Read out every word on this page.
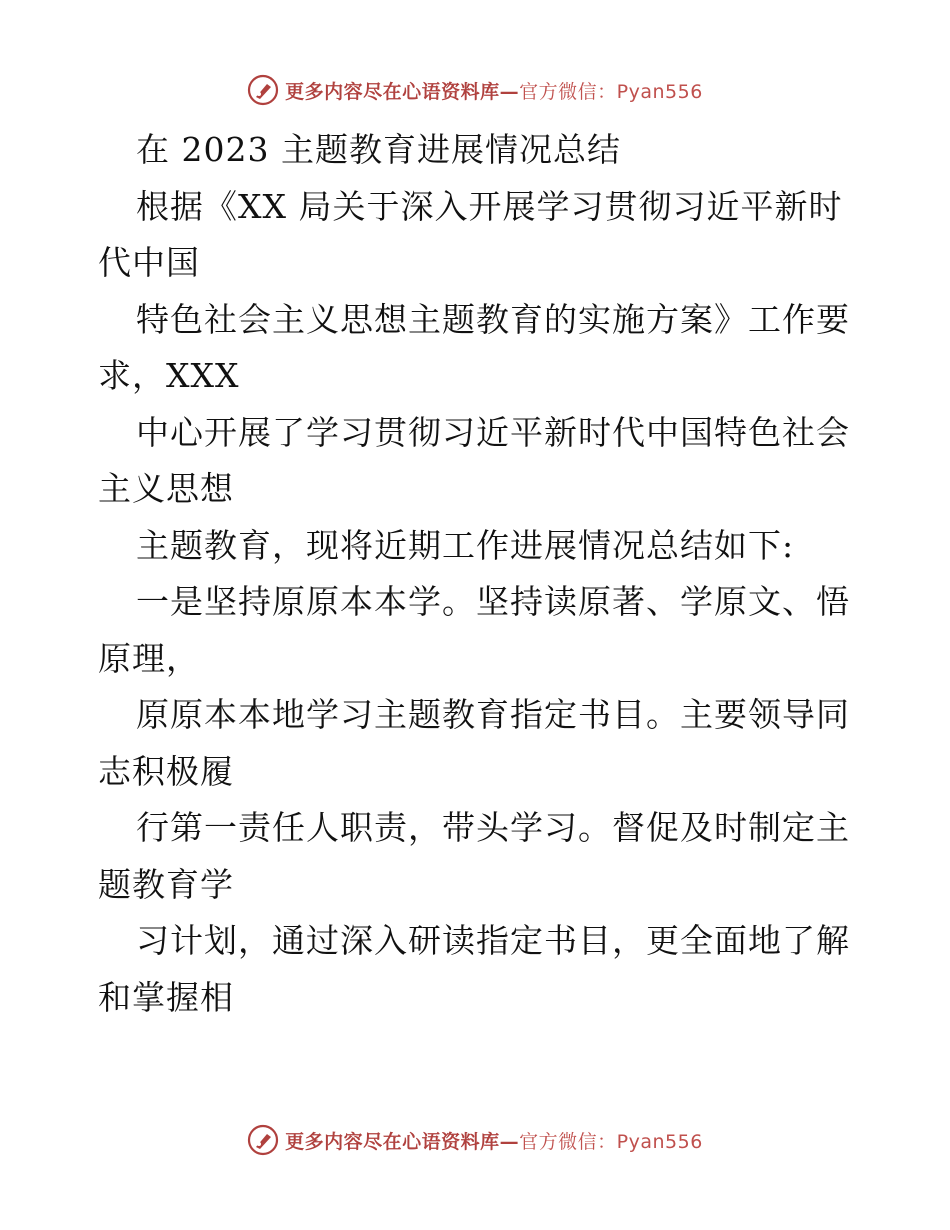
更多内容尽在心语资料库—官方微信：Pyan556
在 2023 主题教育进展情况总结
根据《XX 局关于深入开展学习贯彻习近平新时
代中国
特色社会主义思想主题教育的实施方案》工作要
求，XXX
中心开展了学习贯彻习近平新时代中国特色社会
主义思想
主题教育，现将近期工作进展情况总结如下:
一是坚持原原本本学。坚持读原著、学原文、悟
原理，
原原本本地学习主题教育指定书目。主要领导同
志积极履
行第一责任人职责，带头学习。督促及时制定主
题教育学
习计划，通过深入研读指定书目，更全面地了解
和掌握相
更多内容尽在心语资料库—官方微信：Pyan556
